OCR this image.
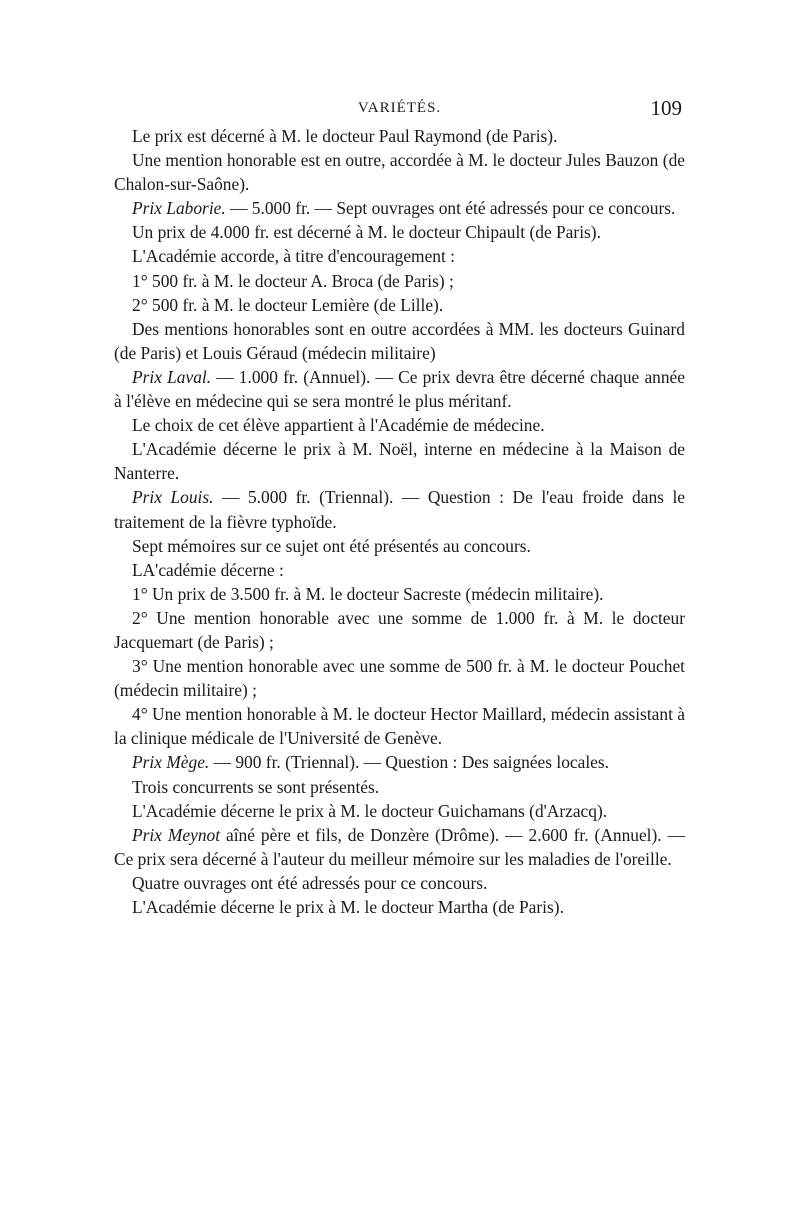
VARIÉTÉS.	109

Le prix est décerné à M. le docteur Paul Raymond (de Paris).

Une mention honorable est en outre, accordée à M. le docteur Jules Bauzon (de Chalon-sur-Saône).

Prix Laborie. — 5.000 fr. — Sept ouvrages ont été adressés pour ce concours.

Un prix de 4.000 fr. est décerné à M. le docteur Chipault (de Paris).

L'Académie accorde, à titre d'encouragement :

1° 500 fr. à M. le docteur A. Broca (de Paris) ;

2° 500 fr. à M. le docteur Lemière (de Lille).

Des mentions honorables sont en outre accordées à MM. les docteurs Guinard (de Paris) et Louis Géraud (médecin militaire)

Prix Laval. — 1.000 fr. (Annuel). — Ce prix devra être décerné chaque année à l'élève en médecine qui se sera montré le plus méritanf.

Le choix de cet élève appartient à l'Académie de médecine.

L'Académie décerne le prix à M. Noël, interne en médecine à la Maison de Nanterre.

Prix Louis. — 5.000 fr. (Triennal). — Question : De l'eau froide dans le traitement de la fièvre typhoïde.

Sept mémoires sur ce sujet ont été présentés au concours.

LA'cadémie décerne :

1° Un prix de 3.500 fr. à M. le docteur Sacreste (médecin militaire).

2° Une mention honorable avec une somme de 1.000 fr. à M. le docteur Jacquemart (de Paris) ;

3° Une mention honorable avec une somme de 500 fr. à M. le docteur Pouchet (médecin militaire) ;

4° Une mention honorable à M. le docteur Hector Maillard, médecin assistant à la clinique médicale de l'Université de Genève.

Prix Mège. — 900 fr. (Triennal). — Question : Des saignées locales.

Trois concurrents se sont présentés.

L'Académie décerne le prix à M. le docteur Guichamans (d'Arzacq).

Prix Meynot aîné père et fils, de Donzère (Drôme). — 2.600 fr. (Annuel). — Ce prix sera décerné à l'auteur du meilleur mémoire sur les maladies de l'oreille.

Quatre ouvrages ont été adressés pour ce concours.

L'Académie décerne le prix à M. le docteur Martha (de Paris).
